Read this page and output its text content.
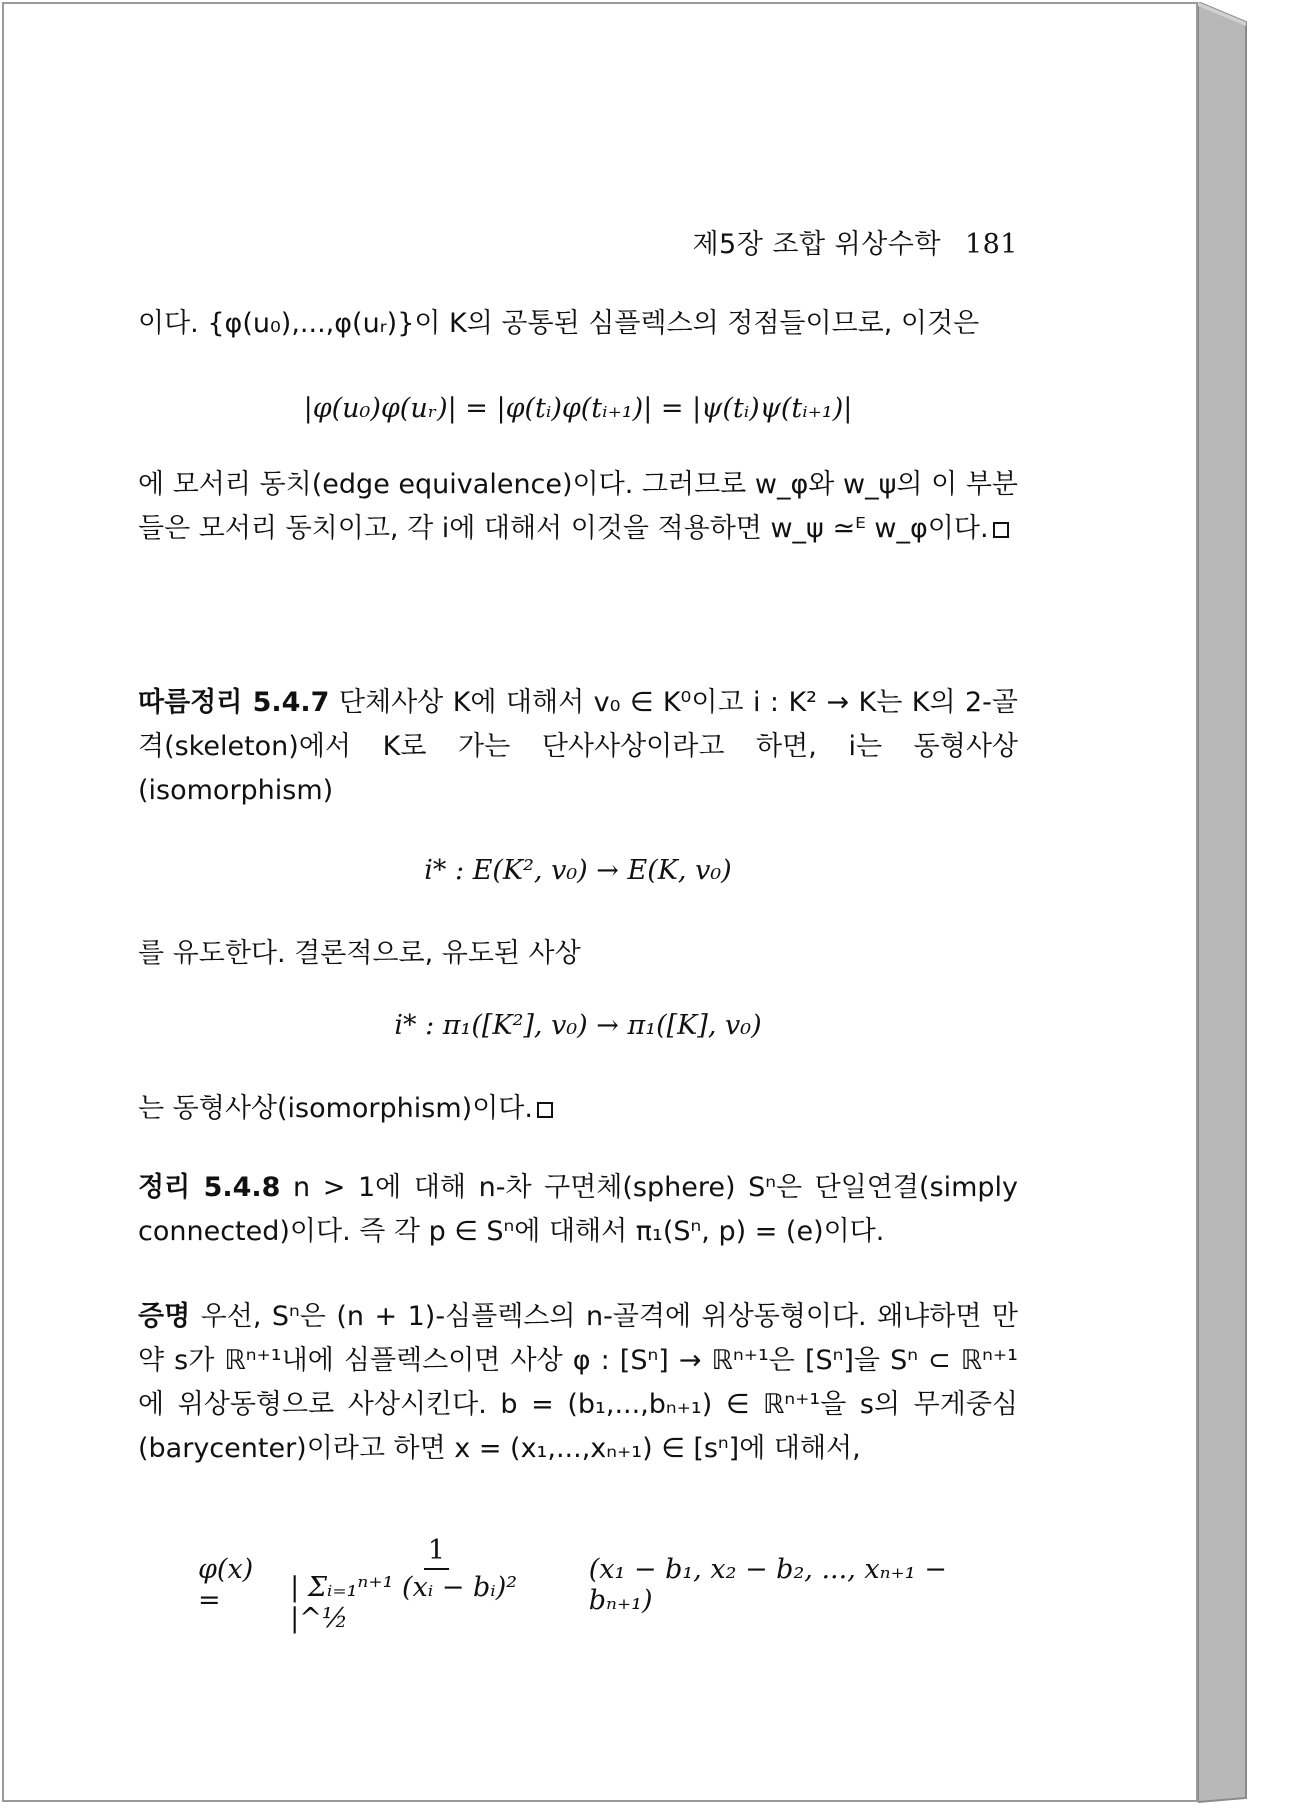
제5장 조합 위상수학 181
이다. {φ(u₀),...,φ(uᵣ)}이 K의 공통된 심플렉스의 정점들이므로, 이것은
|φ(u₀)φ(uᵣ)| = |φ(tᵢ)φ(tᵢ₊₁)| = |ψ(tᵢ)ψ(tᵢ₊₁)|
에 모서리 동치(edge equivalence)이다. 그러므로 w_φ와 w_ψ의 이 부분들은 모서리 동치이고, 각 i에 대해서 이것을 적용하면 w_ψ ≃ᴱ w_φ이다.
따름정리 5.4.7 단체사상 K에 대해서 v₀ ∈ K⁰이고 i : K² → K는 K의 2-골격(skeleton)에서 K로 가는 단사사상이라고 하면, i는 동형사상 (isomorphism)
i* : E(K², v₀) → E(K, v₀)
를 유도한다. 결론적으로, 유도된 사상
i* : π₁([K²], v₀) → π₁([K], v₀)
는 동형사상(isomorphism)이다.
정리 5.4.8 n > 1에 대해 n-차 구면체(sphere) Sⁿ은 단일연결(simply connected)이다. 즉 각 p ∈ Sⁿ에 대해서 π₁(Sⁿ, p) = (e)이다.
증명 우선, Sⁿ은 (n + 1)-심플렉스의 n-골격에 위상동형이다. 왜냐하면 만약 s가 ℝⁿ⁺¹내에 심플렉스이면 사상 φ : [Sⁿ] → ℝⁿ⁺¹은 [Sⁿ]을 Sⁿ ⊂ ℝⁿ⁺¹에 위상동형으로 사상시킨다. b = (b₁,...,bₙ₊₁) ∈ ℝⁿ⁺¹을 s의 무게중심(barycenter)이라고 하면 x = (x₁,...,xₙ₊₁) ∈ [sⁿ]에 대해서,
φ(x) =	$\frac{1}{\text{| Σᵢ₌₁ⁿ⁺¹ (xᵢ − bᵢ)² |\textasciicircum{}½}} (x_1 - b_1$, x₂ − b₂, ..., xₙ₊₁ − bₙ₊₁)
